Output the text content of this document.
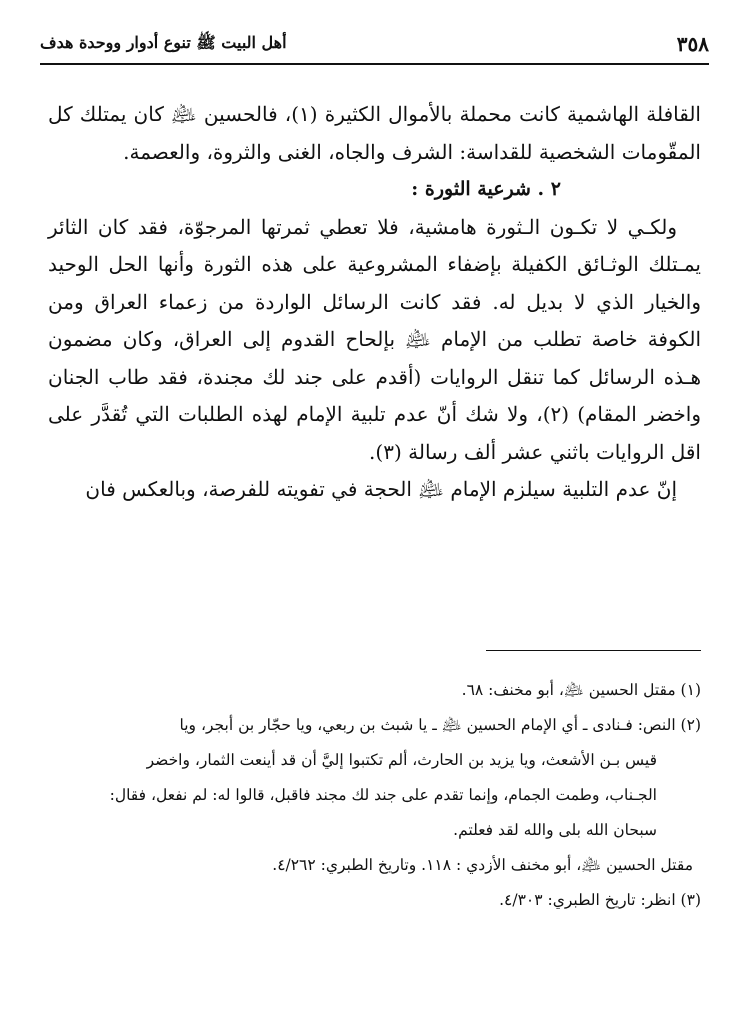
٣٥٨
أهل البيت ﷺ تنوع أدوار ووحدة هدف

القافلة الهاشمية كانت محملة بالأموال الكثيرة (١)، فالحسين ﵇ كان يمتلك كل المقّومات الشخصية للقداسة: الشرف والجاه، الغنى والثروة، والعصمة.

٢ . شرعية الثورة :

ولكـي لا تكـون الـثورة هامشية، فلا تعطي ثمرتها المرجوّة، فقد كان الثائر يمـتلك الوثـائق الكفيلة بإضفاء المشروعية على هذه الثورة وأنها الحل الوحيد والخيار الذي لا بديل له. فقد كانت الرسائل الواردة من زعماء العراق ومن الكوفة خاصة تطلب من الإمام ﵇ بإلحاح القدوم إلى العراق، وكان مضمون هـذه الرسائل كما تنقل الروايات (أقدم على جند لك مجندة، فقد طاب الجنان واخضر المقام) (٢)، ولا شك أنّ عدم تلبية الإمام لهذه الطلبات التي تُقدَّر على اقل الروايات باثني عشر ألف رسالة (٣).

إنّ عدم التلبية سيلزم الإمام ﵇ الحجة في تفويته للفرصة، وبالعكس فان

(١) مقتل الحسين ﵇، أبو مخنف: ٦٨.

(٢) النص: فـنادى ـ أي الإمام الحسين ﵇ ـ يا شبث بن ربعي، ويا حجّار بن أبجر، ويا

قيس بـن الأشعث، ويا يزيد بن الحارث، ألم تكتبوا إليَّ أن قد أينعت الثمار، واخضر

الجـناب، وطمت الجمام، وإنما تقدم على جند لك مجند فاقبل، قالوا له: لم نفعل، فقال:

سبحان الله بلى والله لقد فعلتم.

مقتل الحسين ﵇، أبو مخنف الأزدي : ١١٨. وتاريخ الطبري: ٤/٢٦٢.

(٣) انظر: تاريخ الطبري: ٤/٣٠٣.
